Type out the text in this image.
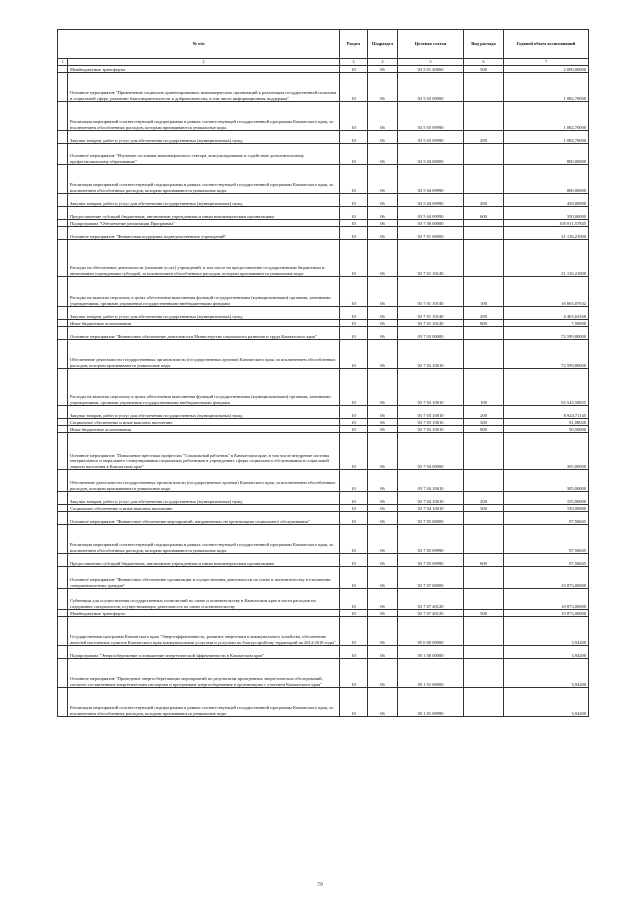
№ п/п		Раздел	Подраздел	Целевая статья	Вид расхода	Годовой объем ассигнований
1	2	3	4	5	6	7
	Межбюджетные трансферты	10	06	03 5 01 40060	500	2 000,00000
	Основное мероприятие "Привлечение социально ориентированных некоммерческих организаций к реализации государственной политики в социальной сфере, развитию благотворительности и добровольчества, в том числе информационная поддержка"	10	06	03 5 03 00000		1 082,70000
	Реализация мероприятий соответствующей подпрограммы в рамках соответствующей государственной программы Камчатского края, за исключением обособленных расходов, которым присваиваются уникальные коды	10	06	03 5 03 09990		1 082,70000
	Закупка товаров, работ и услуг для обеспечения государственных (муниципальных) нужд	10	06	03 5 03 09990	200	1 082,70000
	Основное мероприятие "Изучение состояния некоммерческого сектора, консультирование и содействие дополнительному профессиональному образованию"	10	06	03 5 04 00000		800,00000
	Реализация мероприятий соответствующей подпрограммы в рамках соответствующей государственной программы Камчатского края, за исключением обособленных расходов, которым присваиваются уникальные коды	10	06	03 5 04 09990		800,00000
	Закупка товаров, работ и услуг для обеспечения государственных (муниципальных) нужд	10	06	03 5 04 09990	200	450,00000
	Предоставление субсидий бюджетным, автономным учреждениям и иным некоммерческим организациям	10	06	03 5 04 09990	600	350,00000
	Подпрограмма "Обеспечение реализации Программы"	10	06	03 7 00 00000		105 011,57845
	Основное мероприятие "Финансовая поддержка подведомственных учреждений"	10	06	03 7 01 00000		21 136,21000
	Расходы на обеспечение деятельности (оказание услуг) учреждений, в том числе на предоставление государственным бюджетным и автономным учреждениям субсидий, за исключением обособленных расходов, которым присваиваются уникальные коды	10	06	03 7 01 10140		21 136,21000
	Расходы на выплаты персоналу в целях обеспечения выполнения функций государственными (муниципальными) органами, казенными учреждениями, органами управления государственными внебюджетными фондами	10	06	03 7 01 10140	100	16 665,07632
	Закупка товаров, работ и услуг для обеспечения государственных (муниципальных) нужд	10	06	03 7 01 10140	200	4 463,63368
	Иные бюджетные ассигнования	10	06	03 7 01 10140	800	7,50000
	Основное мероприятие "Финансовое обеспечение деятельности Министерства социального развития и труда Камчатского края"	10	06	03 7 03 00000		72 599,80000
	Обеспечение деятельности государственных органов власти (государственных органов) Камчатского края, за исключением обособленных расходов, которым присваиваются уникальные коды	10	06	03 7 03 10010		72 599,80000
	Расходы на выплаты персоналу в целях обеспечения выполнения функций государственными (муниципальными) органами, казенными учреждениями, органами управления государственными внебюджетными фондами	10	06	03 7 03 10010	100	63 543,50835
	Закупка товаров, работ и услуг для обеспечения государственных (муниципальных) нужд	10	06	03 7 03 10010	200	8 924,71145
	Социальное обеспечение и иные выплаты населению	10	06	03 7 03 10010	300	81,08020
	Иные бюджетные ассигнования	10	06	03 7 03 10010	800	50,50000
	Основное мероприятие "Повышение престижа профессии "Социальный работник" в Камчатском крае, в том числе внедрение системы материального и морального стимулирования социальных работников в учреждениях сферы социального обслуживания и социальной защиты населения в Камчатском крае"	10	06	03 7 04 00000		305,00000
	Обеспечение деятельности государственных органов власти (государственных органов) Камчатского края, за исключением обособленных расходов, которым присваиваются уникальные коды	10	06	03 7 04 10010		305,00000
	Закупка товаров, работ и услуг для обеспечения государственных (муниципальных) нужд	10	06	03 7 04 10010	200	155,00000
	Социальное обеспечение и иные выплаты населению	10	06	03 7 04 10010	300	150,00000
	Основное мероприятие "Финансовое обеспечение мероприятий, направленных на организацию социального обслуживания"	10	06	03 7 05 00000		97,56845
	Реализация мероприятий соответствующей подпрограммы в рамках соответствующей государственной программы Камчатского края, за исключением обособленных расходов, которым присваиваются уникальные коды	10	06	03 7 05 09990		97,56845
	Предоставление субсидий бюджетным, автономным учреждениям и иным некоммерческим организациям	10	06	03 7 05 09990	600	97,56845
	Основное мероприятие "Финансовое обеспечение организации и осуществления деятельности по опеке и попечительству в отношении совершеннолетних граждан"	10	06	03 7 07 00000		10 873,00000
	Субвенции для осуществления государственных полномочий по опеке и попечительству в Камчатском крае в части расходов на содержание специалистов, осуществляющих деятельность по опеке и попечительству	10	06	03 7 07 40120		10 873,00000
	Межбюджетные трансферты	10	06	03 7 07 40120	500	10 873,00000
	Государственная программа Камчатского края "Энергоэффективность, развитие энергетики и коммунального хозяйства, обеспечение жителей населенных пунктов Камчатского края коммунальными услугами и услугами по благоустройству территорий на 2014-2018 годы"	10	06	05 0 00 00000		3,94200
	Подпрограмма "Энергосбережение и повышение энергетической эффективности в Камчатском крае"	10	06	05 1 00 00000		3,94200
	Основное мероприятие "Проведение энергосберегающих мероприятий по результатам проведенных энергетических обследований, согласно составленным энергетическим паспортам и программам энергосбережения в организациях с участием Камчатского края"	10	06	05 1 01 00000		3,94200
	Реализация мероприятий соответствующей подпрограммы в рамках соответствующей государственной программы Камчатского края, за исключением обособленных расходов, которым присваиваются уникальные коды	10	06	05 1 01 09990		3,94200
79
